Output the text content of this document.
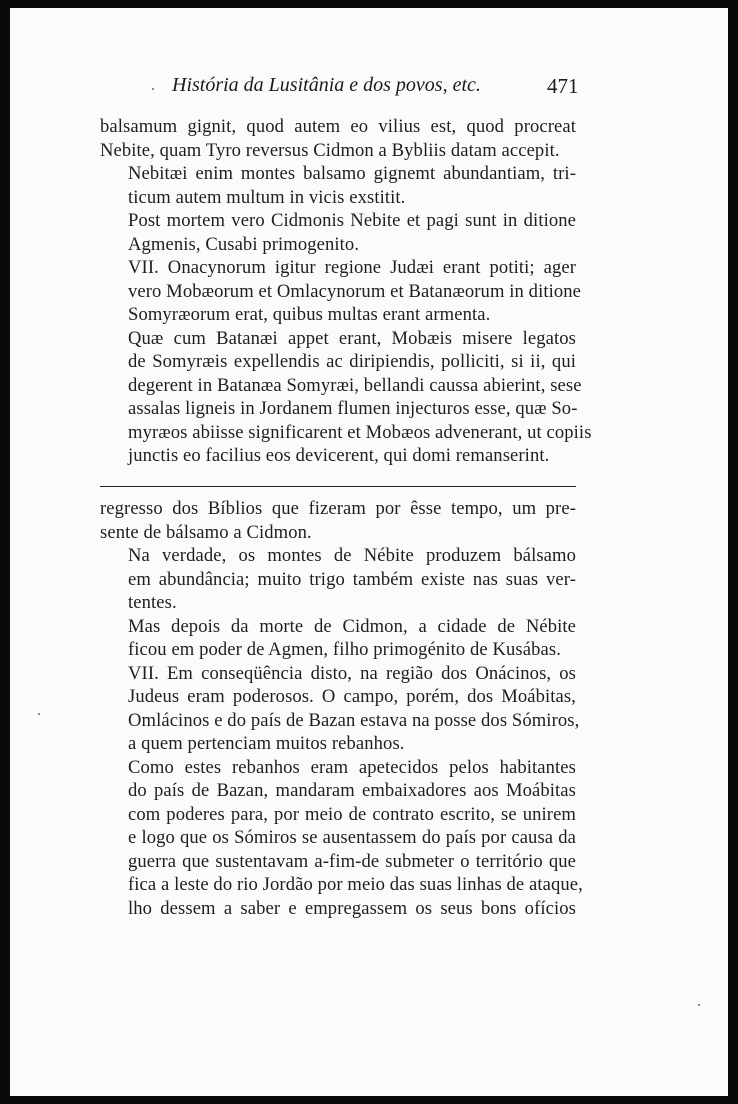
História da Lusitânia e dos povos, etc.	471

balsamum gignit, quod autem eo vilius est, quod procreat
Nebite, quam Tyro reversus Cidmon a Bybliis datam accepit.

Nebitæi enim montes balsamo gignemt abundantiam, tri-
ticum autem multum in vicis exstitit.

Post mortem vero Cidmonis Nebite et pagi sunt in ditione
Agmenis, Cusabi primogenito.

VII. Onacynorum igitur regione Judæi erant potiti; ager
vero Mobæorum et Omlacynorum et Batanæorum in ditione
Somyræorum erat, quibus multas erant armenta.

Quæ cum Batanæi appet erant, Mobæis misere legatos
de Somyræis expellendis ac diripiendis, polliciti, si ii, qui
degerent in Batanæa Somyræi, bellandi caussa abierint, sese
assalas ligneis in Jordanem flumen injecturos esse, quæ So-
myræos abiisse significarent et Mobæos advenerant, ut copiis
junctis eo facilius eos devicerent, qui domi remanserint.

regresso dos Bíblios que fizeram por êsse tempo, um pre-
sente de bálsamo a Cidmon.

Na verdade, os montes de Nébite produzem bálsamo
em abundância; muito trigo também existe nas suas ver-
tentes.

Mas depois da morte de Cidmon, a cidade de Nébite
ficou em poder de Agmen, filho primogénito de Kusábas.

VII. Em conseqüência disto, na região dos Onácinos, os
Judeus eram poderosos. O campo, porém, dos Moábitas,
Omlácinos e do país de Bazan estava na posse dos Sómiros,
a quem pertenciam muitos rebanhos.

Como estes rebanhos eram apetecidos pelos habitantes
do país de Bazan, mandaram embaixadores aos Moábitas
com poderes para, por meio de contrato escrito, se unirem
e logo que os Sómiros se ausentassem do país por causa da
guerra que sustentavam a-fim-de submeter o território que
fica a leste do rio Jordão por meio das suas linhas de ataque,
lho dessem a saber e empregassem os seus bons ofícios
